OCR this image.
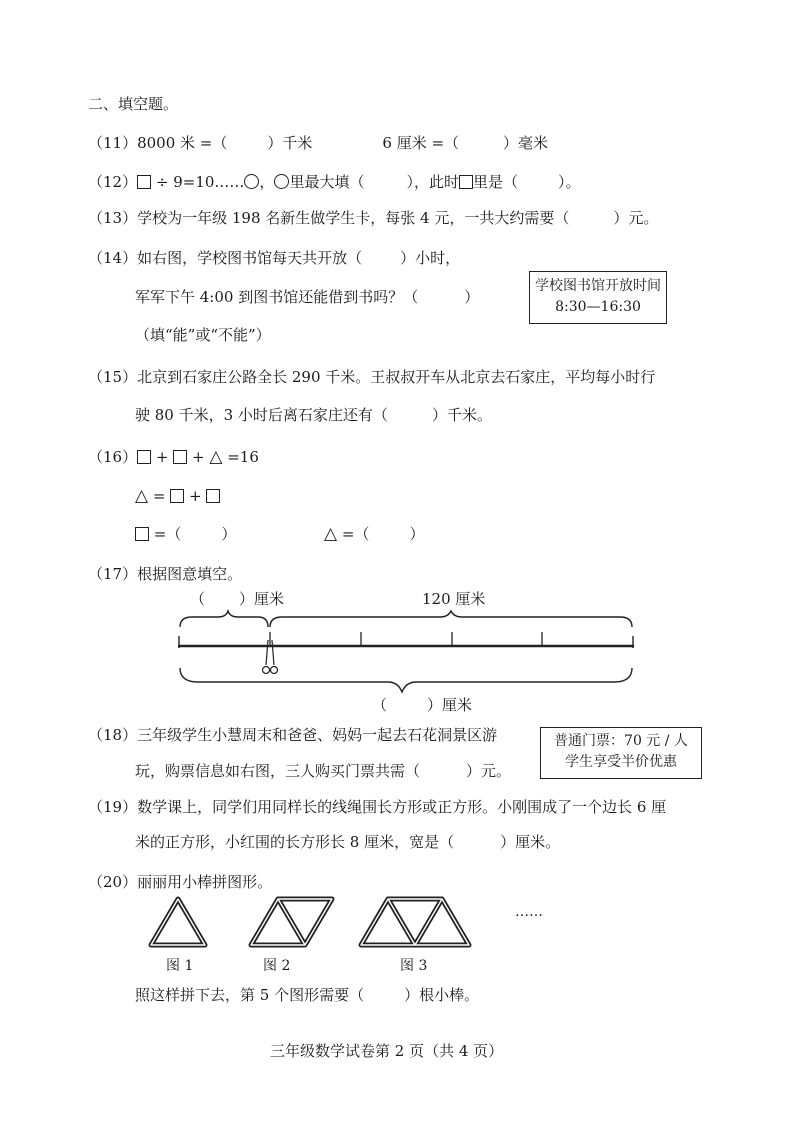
二、填空题。
（11）8000 米 =（	）千米	6 厘米 =（	）毫米
（12） ÷ 9=10…… ， 里最大填（	），此时 里是（	）。
（13）学校为一年级 198 名新生做学生卡，每张 4 元，一共大约需要（	）元。
（14）如右图，学校图书馆每天共开放（	）小时，
军军下午 4:00 到图书馆还能借到书吗？（	）
（填“能”或“不能”）
学校图书馆开放时间
8:30—16:30
（15）北京到石家庄公路全长 290 千米。王叔叔开车从北京去石家庄，平均每小时行
驶 80 千米，3 小时后离石家庄还有（	）千米。
（16） + + △ =16
△ = +
=（	）	△ =（	）
（17）根据图意填空。
（ ）厘米	120 厘米
（	）厘米
（18）三年级学生小慧周末和爸爸、妈妈一起去石花洞景区游
玩，购票信息如右图，三人购买门票共需（	）元。
普通门票：70 元 / 人
学生享受半价优惠
（19）数学课上，同学们用同样长的线绳围长方形或正方形。小刚围成了一个边长 6 厘
米的正方形，小红围的长方形长 8 厘米，宽是（	）厘米。
（20）丽丽用小棒拼图形。
……
图 1	图 2	图 3
照这样拼下去，第 5 个图形需要（	）根小棒。
三年级数学试卷第 2 页（共 4 页）
